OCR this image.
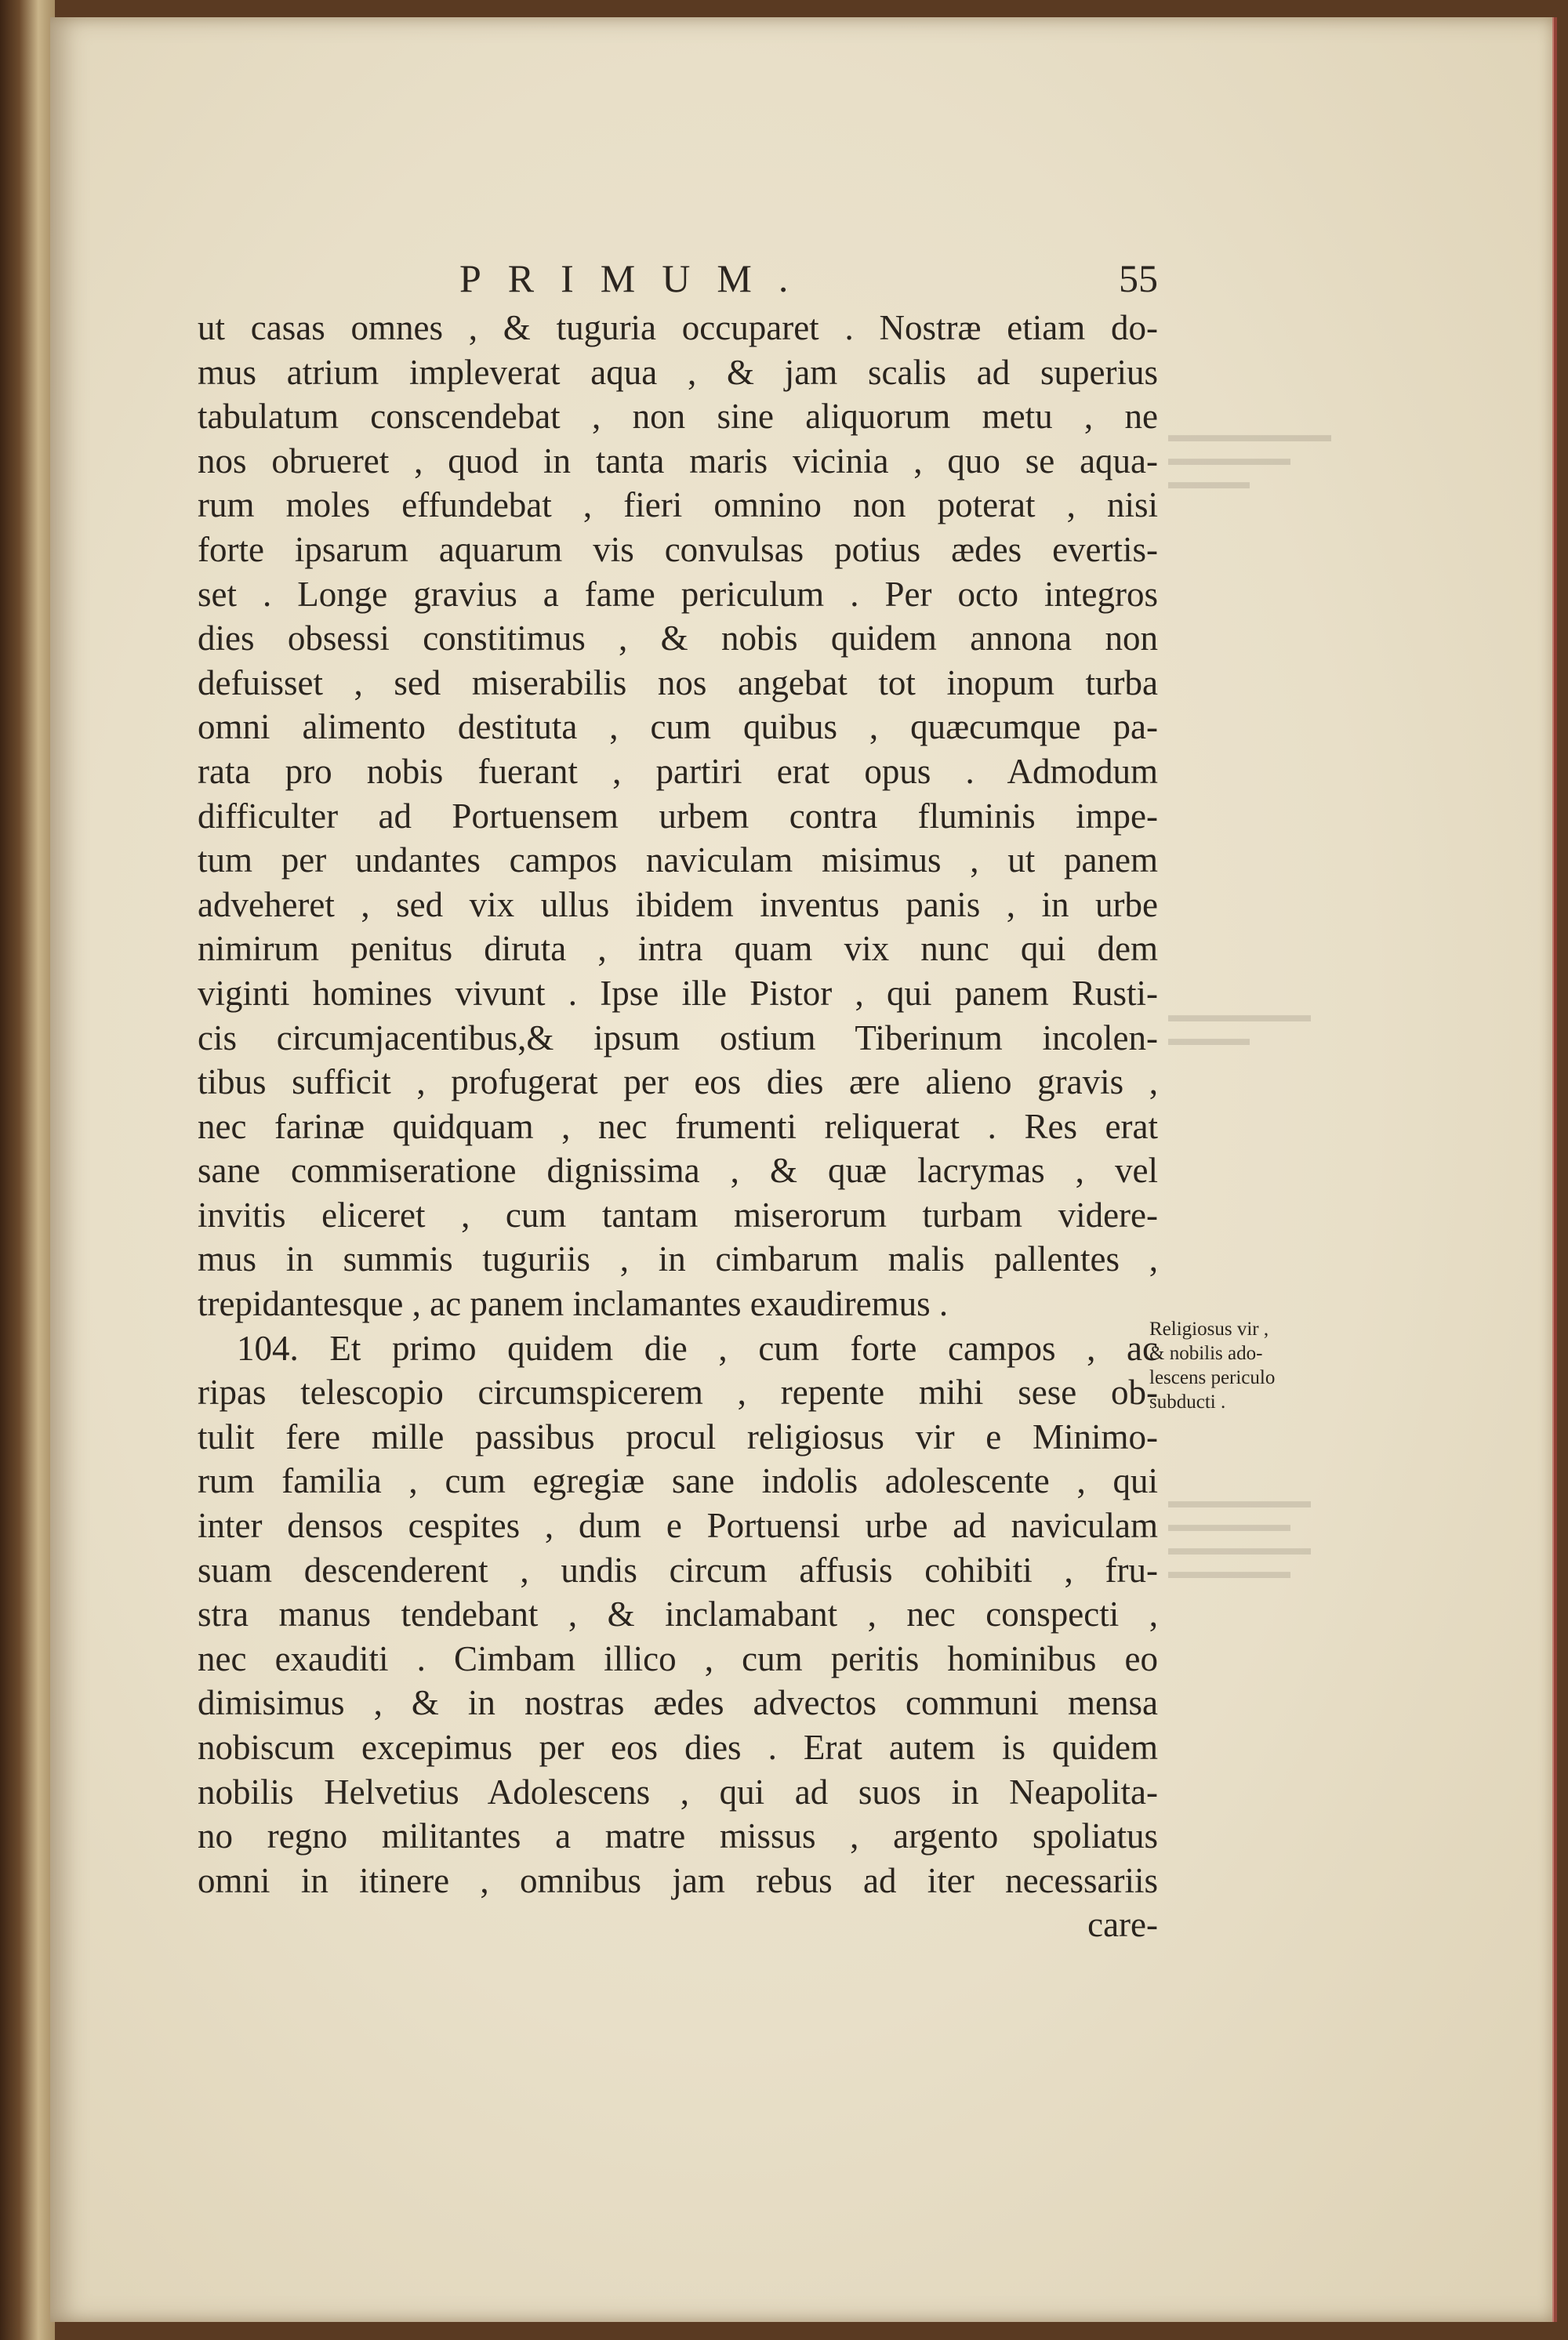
▬▬▬▬▬▬▬▬
▬▬▬▬▬▬
▬▬▬▬
▬▬▬▬▬▬▬
▬▬▬▬
▬▬▬▬▬▬▬
▬▬▬▬▬▬
▬▬▬▬▬▬▬
▬▬▬▬▬▬
PRIMUM.	55
ut casas omnes , & tuguria occuparet . Nostræ etiam do-
mus atrium impleverat aqua , & jam scalis ad superius
tabulatum conscendebat , non sine aliquorum metu , ne
nos obrueret , quod in tanta maris vicinia , quo se aqua-
rum moles effundebat , fieri omnino non poterat , nisi
forte ipsarum aquarum vis convulsas potius ædes evertis-
set . Longe gravius a fame periculum . Per octo integros
dies obsessi constitimus , & nobis quidem annona non
defuisset , sed miserabilis nos angebat tot inopum turba
omni alimento destituta , cum quibus , quæcumque pa-
rata pro nobis fuerant , partiri erat opus . Admodum
difficulter ad Portuensem urbem contra fluminis impe-
tum per undantes campos naviculam misimus , ut panem
adveheret , sed vix ullus ibidem inventus panis , in urbe
nimirum penitus diruta , intra quam vix nunc qui dem
viginti homines vivunt . Ipse ille Pistor , qui panem Rusti-
cis circumjacentibus,& ipsum ostium Tiberinum incolen-
tibus sufficit , profugerat per eos dies ære alieno gravis ,
nec farinæ quidquam , nec frumenti reliquerat . Res erat
sane commiseratione dignissima , & quæ lacrymas , vel
invitis eliceret , cum tantam miserorum turbam videre-
mus in summis tuguriis , in cimbarum malis pallentes ,
trepidantesque , ac panem inclamantes exaudiremus .
104. Et primo quidem die , cum forte campos , ac
ripas telescopio circumspicerem , repente mihi sese ob-
tulit fere mille passibus procul religiosus vir e Minimo-
rum familia , cum egregiæ sane indolis adolescente , qui
inter densos cespites , dum e Portuensi urbe ad naviculam
suam descenderent , undis circum affusis cohibiti , fru-
stra manus tendebant , & inclamabant , nec conspecti ,
nec exauditi . Cimbam illico , cum peritis hominibus eo
dimisimus , & in nostras ædes advectos communi mensa
nobiscum excepimus per eos dies . Erat autem is quidem
nobilis Helvetius Adolescens , qui ad suos in Neapolita-
no regno militantes a matre missus , argento spoliatus
omni in itinere , omnibus jam rebus ad iter necessariis
care-
Religiosus vir ,
& nobilis ado-
lescens periculo
subducti .
